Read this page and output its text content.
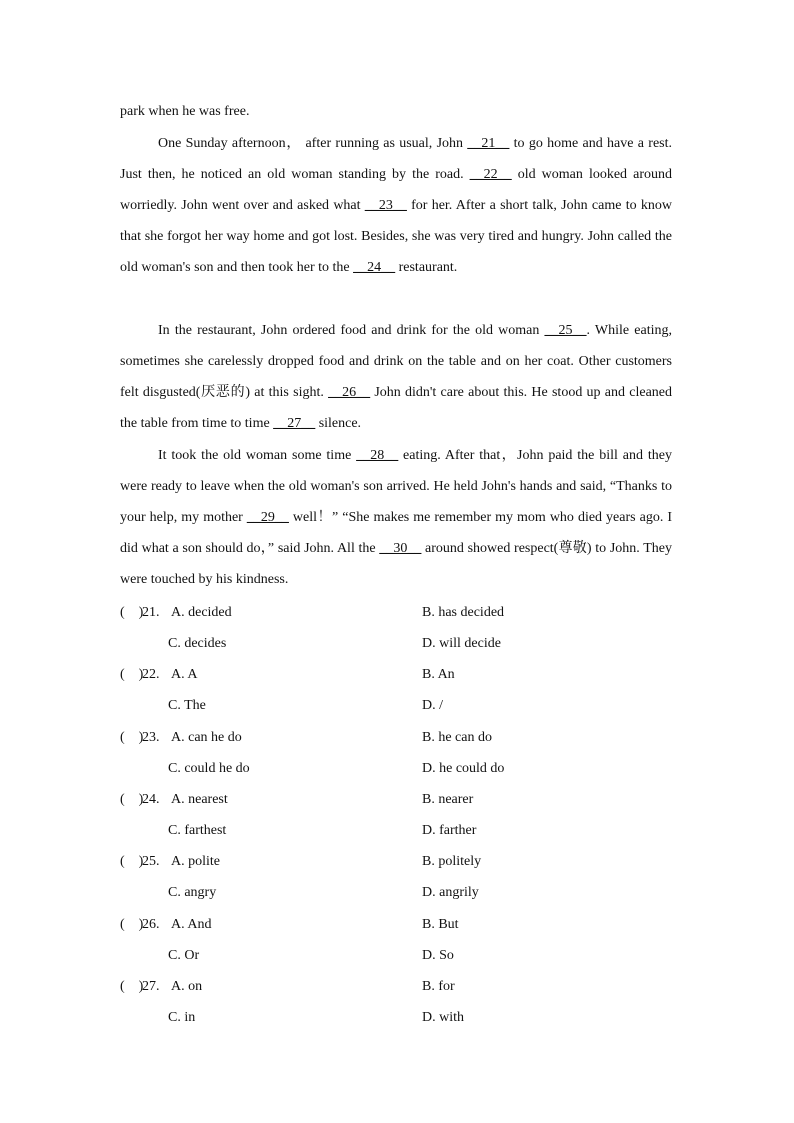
park when he was free.

One Sunday afternoon， after running as usual, John __21__ to go home and have a rest. Just then, he noticed an old woman standing by the road. __22__ old woman looked around worriedly. John went over and asked what __23__ for her. After a short talk, John came to know that she forgot her way home and got lost. Besides, she was very tired and hungry. John called the old woman's son and then took her to the __24__ restaurant.

In the restaurant, John ordered food and drink for the old woman __25__. While eating, sometimes she carelessly dropped food and drink on the table and on her coat. Other customers felt disgusted(厌恶的) at this sight. __26__ John didn't care about this. He stood up and cleaned the table from time to time __27__ silence.

It took the old woman some time __28__ eating. After that，John paid the bill and they were ready to leave when the old woman's son arrived. He held John's hands and said, “Thanks to your help, my mother __29__ well！” “She makes me remember my mom who died years ago. I did what a son should do，” said John. All the __30__ around showed respect(尊敬) to John. They were touched by his kindness.

(　)
21. A. decided	B. has decided
C. decides	D. will decide
(　)
22. A. A	B. An
C. The	D. /
(　)
23. A. can he do	B. he can do
C. could he do	D. he could do
(　)
24. A. nearest	B. nearer
C. farthest	D. farther
(　)
25. A. polite	B. politely
C. angry	D. angrily
(　)
26. A. And	B. But
C. Or	D. So
(　)
27. A. on	B. for
C. in	D. with
